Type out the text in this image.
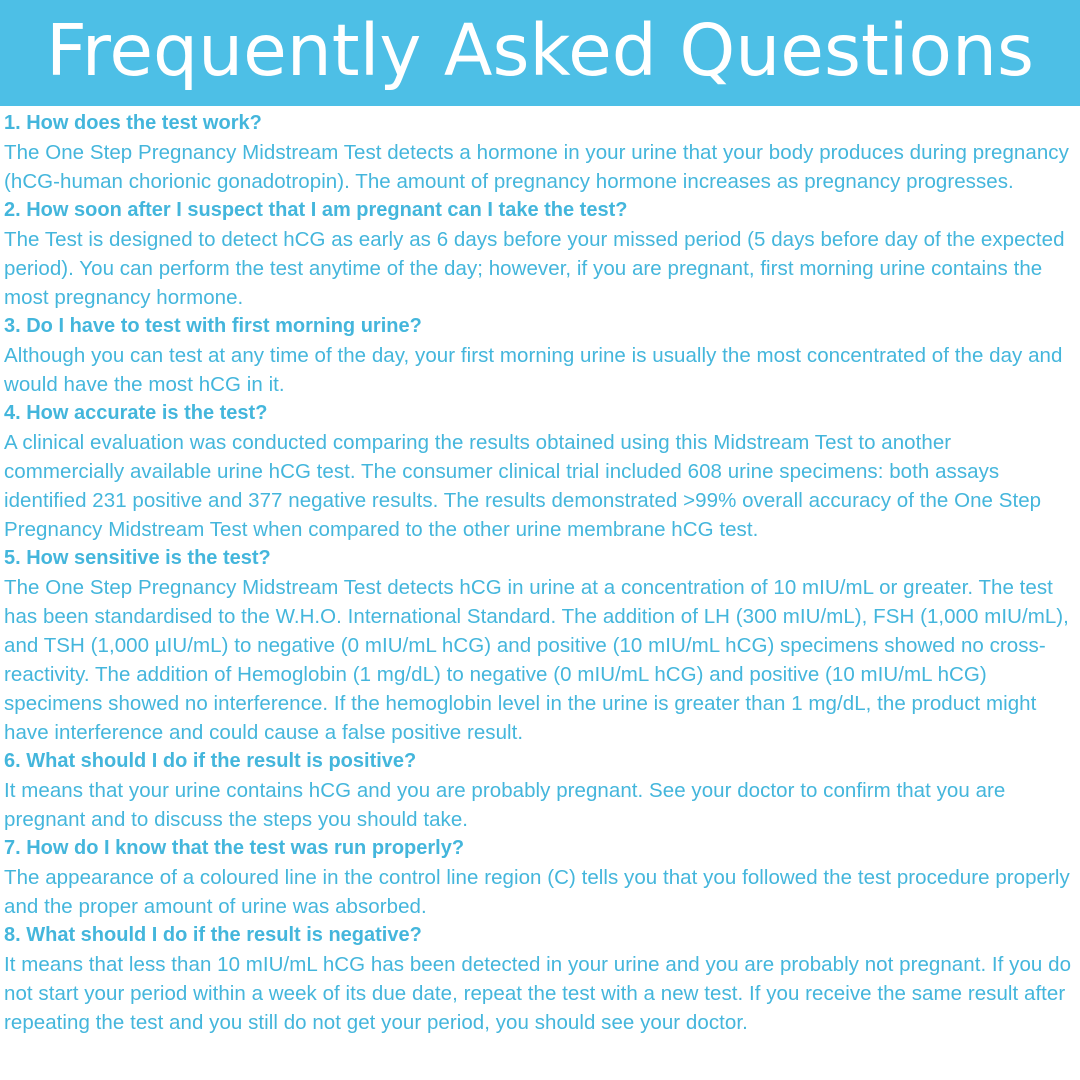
Frequently Asked Questions

1. How does the test work?

The One Step Pregnancy Midstream Test detects a hormone in your urine that your body produces during pregnancy (hCG-human chorionic gonadotropin). The amount of pregnancy hormone increases as pregnancy progresses.

2. How soon after I suspect that I am pregnant can I take the test?

The Test is designed to detect hCG as early as 6 days before your missed period (5 days before day of the expected period). You can perform the test anytime of the day; however, if you are pregnant, first morning urine contains the most pregnancy hormone.

3. Do I have to test with first morning urine?

Although you can test at any time of the day, your first morning urine is usually the most concentrated of the day and would have the most hCG in it.

4. How accurate is the test?

A clinical evaluation was conducted comparing the results obtained using this Midstream Test to another commercially available urine hCG test. The consumer clinical trial included 608 urine specimens: both assays identified 231 positive and 377 negative results. The results demonstrated >99% overall accuracy of the One Step Pregnancy Midstream Test when compared to the other urine membrane hCG test.

5. How sensitive is the test?

The One Step Pregnancy Midstream Test detects hCG in urine at a concentration of 10 mIU/mL or greater. The test has been standardised to the W.H.O. International Standard. The addition of LH (300 mIU/mL), FSH (1,000 mIU/mL), and TSH (1,000 µIU/mL) to negative (0 mIU/mL hCG) and positive (10 mIU/mL hCG) specimens showed no cross-reactivity. The addition of Hemoglobin (1 mg/dL) to negative (0 mIU/mL hCG) and positive (10 mIU/mL hCG) specimens showed no interference. If the hemoglobin level in the urine is greater than 1 mg/dL, the product might have interference and could cause a false positive result.

6. What should I do if the result is positive?

It means that your urine contains hCG and you are probably pregnant. See your doctor to confirm that you are pregnant and to discuss the steps you should take.

7. How do I know that the test was run properly?

The appearance of a coloured line in the control line region (C) tells you that you followed the test procedure properly and the proper amount of urine was absorbed.

8. What should I do if the result is negative?

It means that less than 10 mIU/mL hCG has been detected in your urine and you are probably not pregnant. If you do not start your period within a week of its due date, repeat the test with a new test. If you receive the same result after repeating the test and you still do not get your period, you should see your doctor.
